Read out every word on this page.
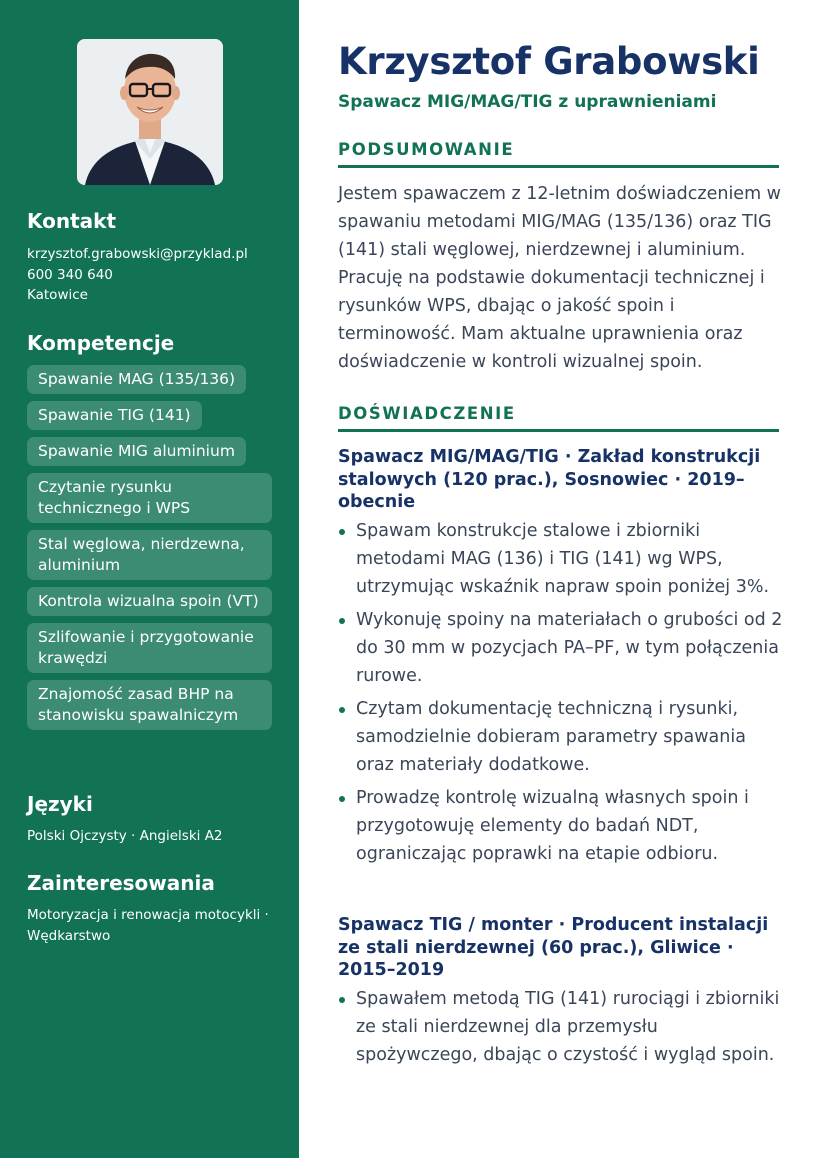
Kontakt
krzysztof.grabowski@przyklad.pl
600 340 640
Katowice
Kompetencje
Spawanie MAG (135/136)
Spawanie TIG (141)
Spawanie MIG aluminium
Czytanie rysunku technicznego i WPS
Stal węglowa, nierdzewna, aluminium
Kontrola wizualna spoin (VT)
Szlifowanie i przygotowanie krawędzi
Znajomość zasad BHP na stanowisku spawalniczym
Języki
Polski Ojczysty · Angielski A2
Zainteresowania
Motoryzacja i renowacja motocykli ·
Wędkarstwo
Krzysztof Grabowski
Spawacz MIG/MAG/TIG z uprawnieniami
PODSUMOWANIE

Jestem spawaczem z 12-letnim doświadczeniem w spawaniu metodami MIG/MAG (135/136) oraz TIG (141) stali węglowej, nierdzewnej i aluminium. Pracuję na podstawie dokumentacji technicznej i rysunków WPS, dbając o jakość spoin i terminowość. Mam aktualne uprawnienia oraz doświadczenie w kontroli wizualnej spoin.

DOŚWIADCZENIE
Spawacz MIG/MAG/TIG · Zakład konstrukcji stalowych (120 prac.), Sosnowiec · 2019–obecnie
Spawam konstrukcje stalowe i zbiorniki metodami MAG (136) i TIG (141) wg WPS, utrzymując wskaźnik napraw spoin poniżej 3%.
Wykonuję spoiny na materiałach o grubości od 2 do 30 mm w pozycjach PA–PF, w tym połączenia rurowe.
Czytam dokumentację techniczną i rysunki, samodzielnie dobieram parametry spawania oraz materiały dodatkowe.
Prowadzę kontrolę wizualną własnych spoin i przygotowuję elementy do badań NDT, ograniczając poprawki na etapie odbioru.
Spawacz TIG / monter · Producent instalacji ze stali nierdzewnej (60 prac.), Gliwice · 2015–2019
Spawałem metodą TIG (141) rurociągi i zbiorniki ze stali nierdzewnej dla przemysłu spożywczego, dbając o czystość i wygląd spoin.
